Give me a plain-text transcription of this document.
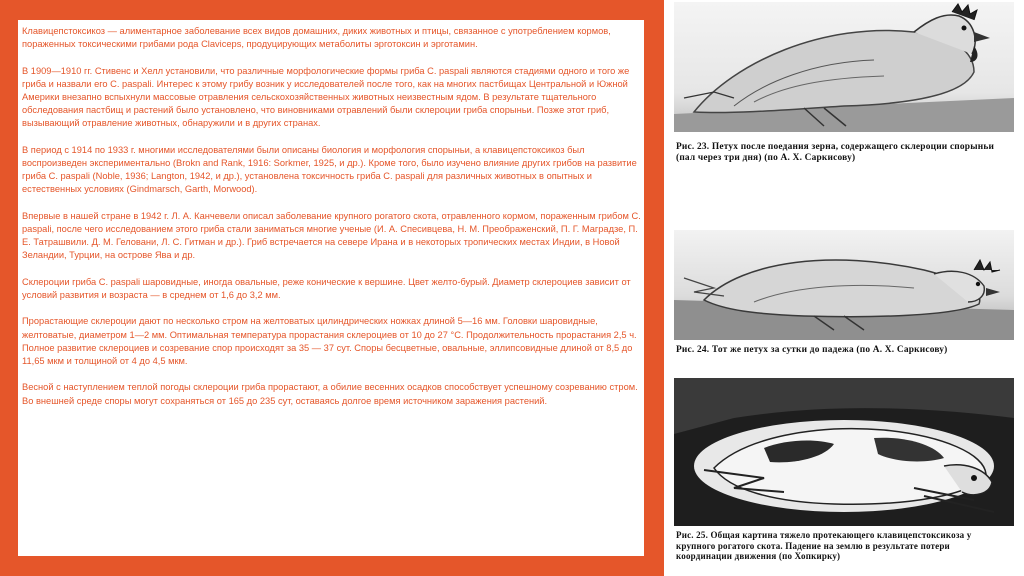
Клавицепстоксикоз — алиментарное заболевание всех видов домашних, диких животных и птицы, связанное с употреблением кормов, пораженных токсическими грибами рода Claviceps, продуцирующих метаболиты эрготоксин и эрготамин.

В 1909—1910 гг. Стивенс и Хелл установили, что различные морфологические формы гриба С. paspali являются стадиями одного и того же гриба и назвали его С. paspali. Интерес к этому грибу возник у исследователей после того, как на многих пастбищах Центральной и Южной Америки внезапно вспыхнули массовые отравления сельскохозяйственных животных неизвестным ядом. В результате тщательного обследования пастбищ и растений было установлено, что виновниками отравлений были склероции гриба спорыньи. Позже этот гриб, вызывающий отравление животных, обнаружили и в других странах.

В период с 1914 по 1933 г. многими исследователями были описаны биология и морфология спорыньи, а клавицепстоксикоз был воспроизведен экспериментально (Brokn and Rank, 1916: Sorkmer, 1925, и др.). Кроме того, было изучено влияние других грибов на развитие гриба С. paspali (Noble, 1936; Langton, 1942, и др.), установлена токсичность гриба С. paspali для различных животных в опытных и естественных условиях (Gindmarsch, Garth, Morwood).

Впервые в нашей стране в 1942 г. Л. А. Канчевели описал заболевание крупного рогатого скота, отравленного кормом, пораженным грибом С. paspali, после чего исследованием этого гриба стали заниматься многие ученые (И. А. Спесивцева, Н. М. Преображенский, П. Г. Маградзе, П. Е. Татрашвили. Д. М. Геловани, Л. С. Гитман и др.). Гриб встречается на севере Ирана и в некоторых тропических местах Индии, в Новой Зеландии, Турции, на острове Ява и др.

Склероции гриба С. paspali шаровидные, иногда овальные, реже конические к вершине. Цвет желто-бурый. Диаметр склероциев зависит от условий развития и возраста — в среднем от 1,6 до 3,2 мм.

Прорастающие склероции дают по несколько стром на желтоватых цилиндрических ножках длиной 5—16 мм. Головки шаровидные, желтоватые, диаметром 1—2 мм. Оптимальная температура прорастания склероциев от 10 до 27 °С. Продолжительность прорастания 2,5 ч. Полное развитие склероциев и созревание спор происходят за 35 — 37 сут. Споры бесцветные, овальные, эллипсовидные длиной от 8,5 до 11,65 мкм и толщиной от 4 до 4,5 мкм.

Весной с наступлением теплой погоды склероции гриба прорастают, а обилие весенних осадков способствует успешному созреванию стром. Во внешней среде споры могут сохраняться от 165 до 235 сут, оставаясь долгое время источником заражения растений.

Рис. 23. Петух после поедания зерна, содержащего склероции спорыньи (пал через три дня) (по А. Х. Саркисову)
Рис. 24. Тот же петух за сутки до падежа (по А. Х. Саркисову)
Рис. 25. Общая картина тяжело протекающего клавицепстоксикоза у крупного рогатого скота. Падение на землю в результате потери координации движения (по Хопкирку)
